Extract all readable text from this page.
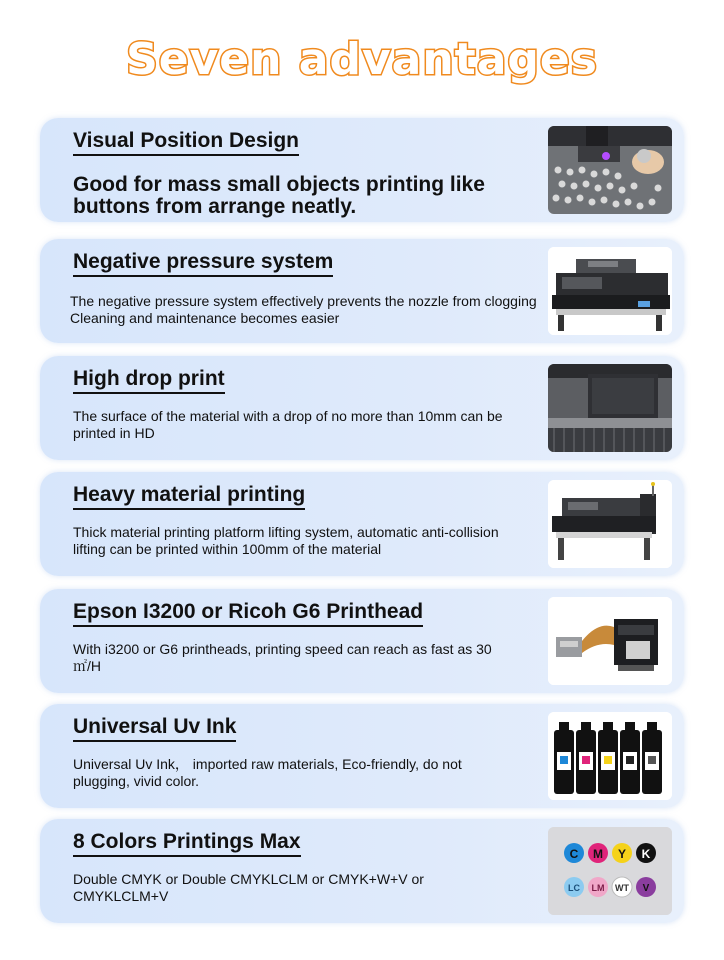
Seven advantages
Visual Position Design
Good for mass small objects printing like buttons from arrange neatly.
Negative pressure system
The negative pressure system effectively prevents the nozzle from clogging Cleaning and maintenance becomes easier
High drop print
The surface of the material with a drop of no more than 10mm can be printed in HD
Heavy material printing
Thick material printing platform lifting system, automatic anti-collision lifting can be printed within 100mm of the material
Epson I3200 or Ricoh G6 Printhead
With i3200 or G6 printheads, printing speed can reach as fast as 30㎡/H
Universal Uv Ink
Universal Uv Ink， imported raw materials, Eco-friendly, do not plugging, vivid color.
8 Colors Printings Max
Double CMYK or Double CMYKLCLM or CMYK+W+V or CMYKLCLM+V
C M Y K
LC LM WT V
